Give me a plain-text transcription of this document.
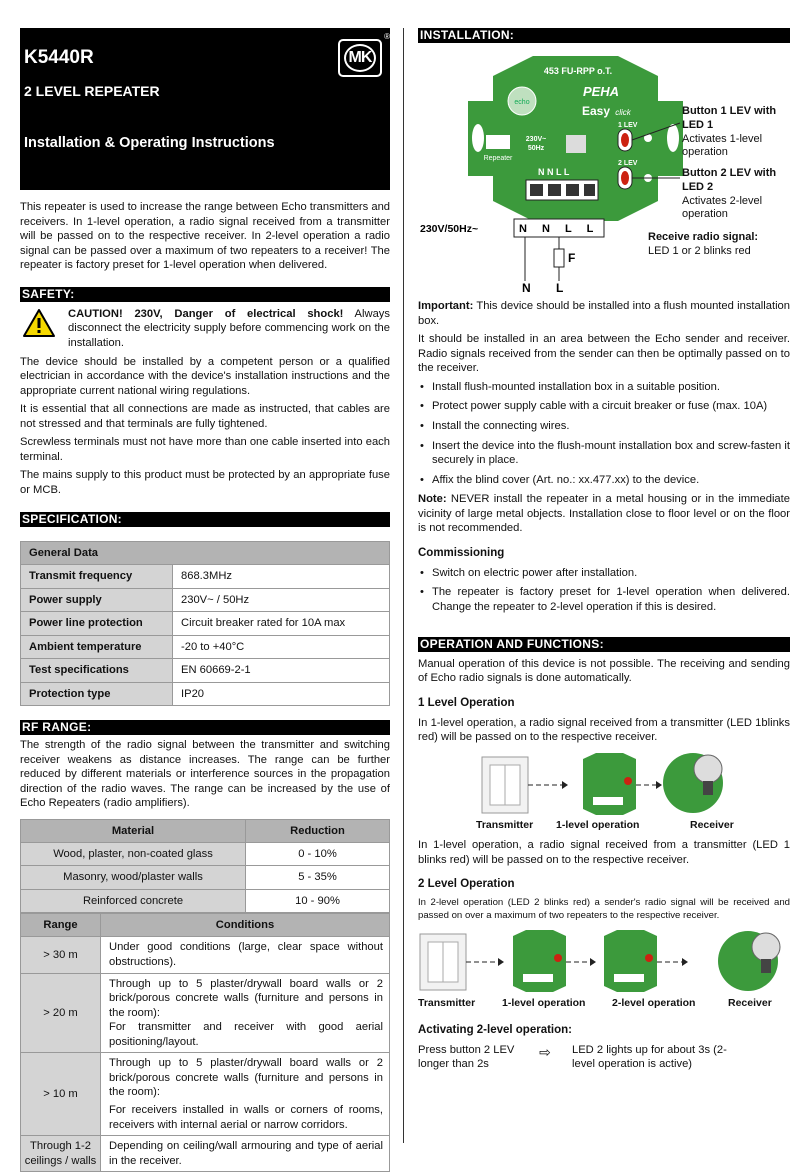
K5440R
2 LEVEL REPEATER
Installation & Operating Instructions
MK
®

This repeater is used to increase the range between Echo transmitters and receivers. In 1-level operation, a radio signal received from a transmitter will be passed on to the respective receiver. In 2-level operation a radio signal can be passed over a maximum of two repeaters to a receiver! The repeater is factory preset for 1-level operation when delivered.

SAFETY:

CAUTION! 230V, Danger of electrical shock! Always disconnect the electricity supply before commencing work on the installation.

The device should be installed by a competent person or a qualified electrician in accordance with the device's installation instructions and the appropriate current national wiring regulations.

It is essential that all connections are made as instructed, that cables are not stressed and that terminals are fully tightened.

Screwless terminals must not have more than one cable inserted into each terminal.

The mains supply to this product must be protected by an appropriate fuse or MCB.

SPECIFICATION:
General Data	
Transmit frequency	868.3MHz
Power supply	230V~ / 50Hz
Power line protection	Circuit breaker rated for 10A max
Ambient temperature	-20 to +40°C
Test specifications	EN 60669-2-1
Protection type	IP20
RF RANGE:

The strength of the radio signal between the transmitter and switching receiver weakens as distance increases. The range can be further reduced by different materials or interference sources in the propagation direction of the radio waves. The range can be increased by the use of Echo Repeaters (radio amplifiers).

Material	Reduction
Wood, plaster, non-coated glass	0 - 10%
Masonry, wood/plaster walls	5 - 35%
Reinforced concrete	10 - 90%
Range	Conditions
> 30 m	Under good conditions (large, clear space without obstructions).

> 20 m	Through up to 5 plaster/drywall board walls or 2 brick/porous concrete walls (furniture and persons in the room):
For transmitter and receiver with good aerial positioning/layout.

> 10 m	Through up to 5 plaster/drywall board walls or 2 brick/porous concrete walls (furniture and persons in the room):
For receivers installed in walls or corners of rooms, receivers with internal aerial or narrow corridors.

Through 1-2 ceilings / walls	Depending on ceiling/wall armouring and type of aerial in the receiver.
INSTALLATION:
echo
453 FU-RPP o.T.
PEHA
Easy click
230V~
50Hz
Repeater
N N L L
1 LEV
2 LEV
N N L L
230V/50Hz~
F
N L
Button 1 LEV with LED 1
Activates 1-level operation
Button 2 LEV with LED 2
Activates 2-level operation
Receive radio signal:
LED 1 or 2 blinks red

Important: This device should be installed into a flush mounted installation box.

It should be installed in an area between the Echo sender and receiver. Radio signals received from the sender can then be optimally passed on to the receiver.

• Install flush-mounted installation box in a suitable position.
• Protect power supply cable with a circuit breaker or fuse (max. 10A)
• Install the connecting wires.
• Insert the device into the flush-mount installation box and screw-fasten it securely in place.
• Affix the blind cover (Art. no.: xx.477.xx) to the device.

Note: NEVER install the repeater in a metal housing or in the immediate vicinity of large metal objects. Installation close to floor level or on the floor is not recommended.

Commissioning
• Switch on electric power after installation.
• The repeater is factory preset for 1-level operation when delivered. Change the repeater to 2-level operation if this is desired.
OPERATION AND FUNCTIONS:

Manual operation of this device is not possible. The receiving and sending of Echo radio signals is done automatically.

1 Level Operation

In 1-level operation, a radio signal received from a transmitter (LED 1blinks red) will be passed on to the respective receiver.

Transmitter	1-level operation	Receiver

In 1-level operation, a radio signal received from a transmitter (LED 1 blinks red) will be passed on to the respective receiver.

2 Level Operation

In 2-level operation (LED 2 blinks red) a sender's radio signal will be received and passed on over a maximum of two repeaters to the respective receiver.

Transmitter	1-level operation	2-level operation	Receiver
Activating 2-level operation:
Press button 2 LEV longer than 2s
⇨	LED 2 lights up for about 3s (2-level operation is active)
